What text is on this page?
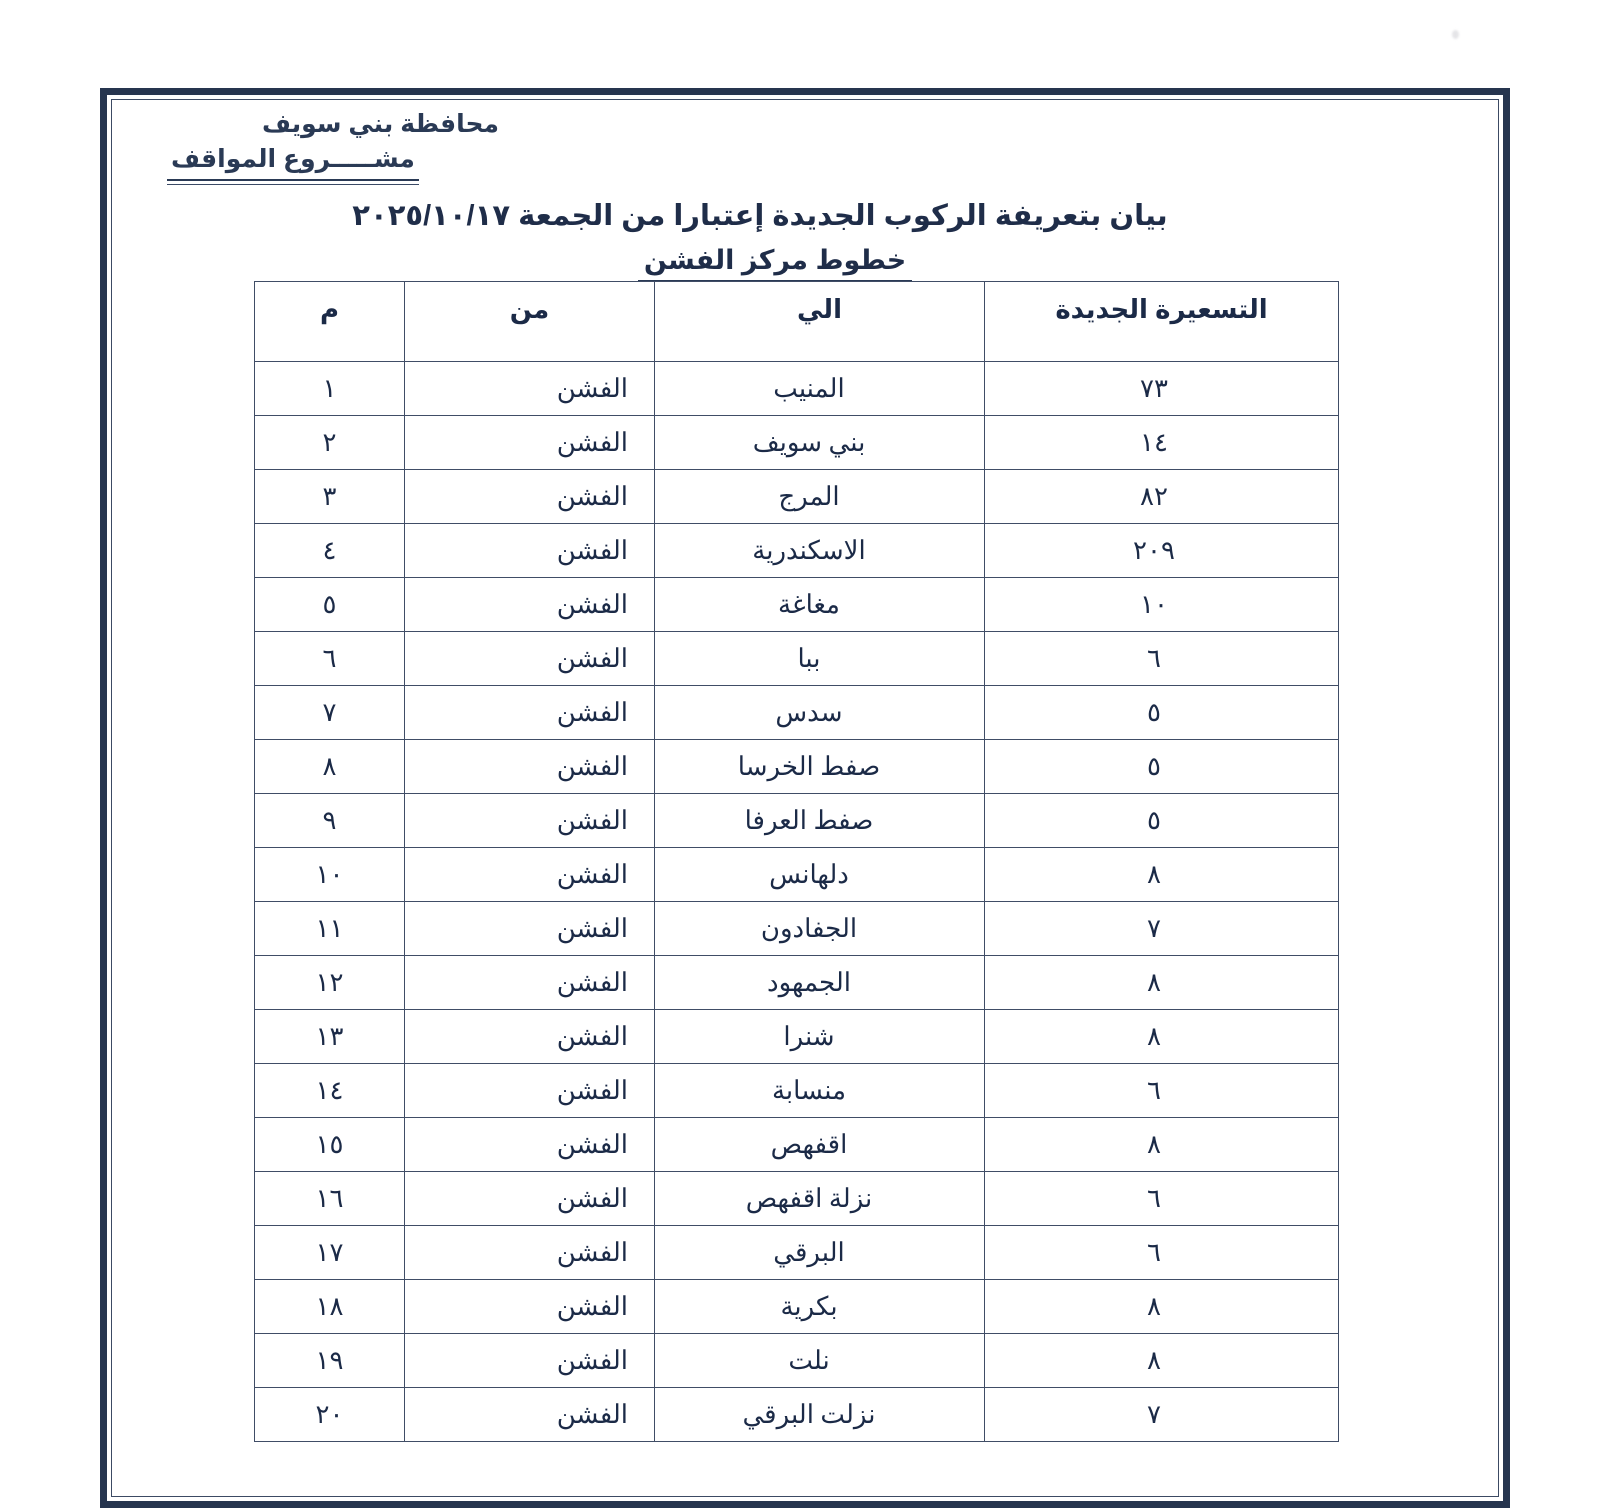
محافظة بني سويف
مشـــــروع المواقف
بيان بتعريفة الركوب الجديدة إعتبارا من الجمعة ٢٠٢٥/١٠/١٧
خطوط مركز الفشن
التسعيرة الجديدة	الي	من	م
٧٣	المنيب	الفشن	١
١٤	بني سويف	الفشن	٢
٨٢	المرج	الفشن	٣
٢٠٩	الاسكندرية	الفشن	٤
١٠	مغاغة	الفشن	٥
٦	ببا	الفشن	٦
٥	سدس	الفشن	٧
٥	صفط الخرسا	الفشن	٨
٥	صفط العرفا	الفشن	٩
٨	دلهانس	الفشن	١٠
٧	الجفادون	الفشن	١١
٨	الجمهود	الفشن	١٢
٨	شنرا	الفشن	١٣
٦	منسابة	الفشن	١٤
٨	اقفهص	الفشن	١٥
٦	نزلة اقفهص	الفشن	١٦
٦	البرقي	الفشن	١٧
٨	بكرية	الفشن	١٨
٨	نلت	الفشن	١٩
٧	نزلت البرقي	الفشن	٢٠
